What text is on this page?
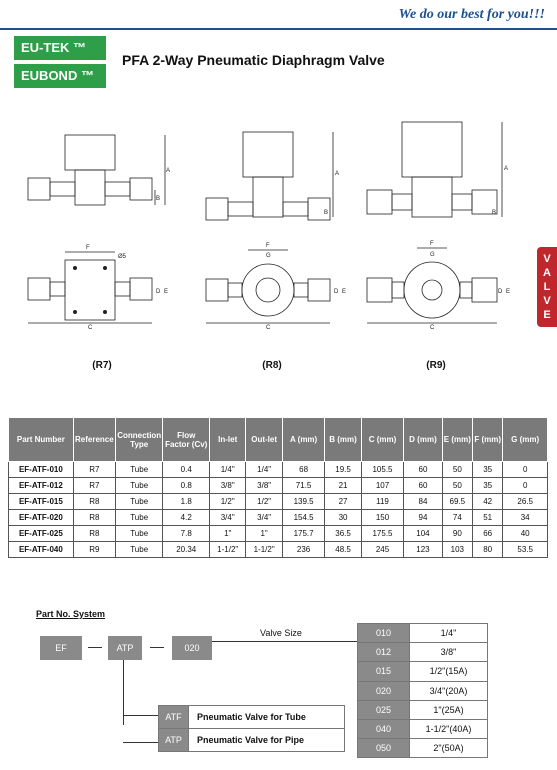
We do our best for you!!!
EU-TEK ™
EUBOND ™
PFA 2-Way Pneumatic Diaphragm Valve
V
A
L
V
E
A
B
F
Ø5
C
D E
A
B
F
G
C
D E
A
B
F
G
C
D E
(R7)	(R8)	(R9)
Part Number	Reference	Connection Type	Flow Factor (Cv)	In-let	Out-let	A (mm)	B (mm)	C (mm)	D (mm)	E (mm)	F (mm)	G (mm)
EF-ATF-010	R7	Tube	0.4	1/4"	1/4"	68	19.5	105.5	60	50	35	0
EF-ATF-012	R7	Tube	0.8	3/8"	3/8"	71.5	21	107	60	50	35	0
EF-ATF-015	R8	Tube	1.8	1/2"	1/2"	139.5	27	119	84	69.5	42	26.5
EF-ATF-020	R8	Tube	4.2	3/4"	3/4"	154.5	30	150	94	74	51	34
EF-ATF-025	R8	Tube	7.8	1"	1"	175.7	36.5	175.5	104	90	66	40
EF-ATF-040	R9	Tube	20.34	1-1/2"	1-1/2"	236	48.5	245	123	103	80	53.5
Part No. System
EF	ATP	020
Valve Size
ATF	Pneumatic Valve for Tube
ATP	Pneumatic Valve for Pipe
010	1/4"
012	3/8"
015	1/2"(15A)
020	3/4"(20A)
025	1"(25A)
040	1-1/2"(40A)
050	2"(50A)
